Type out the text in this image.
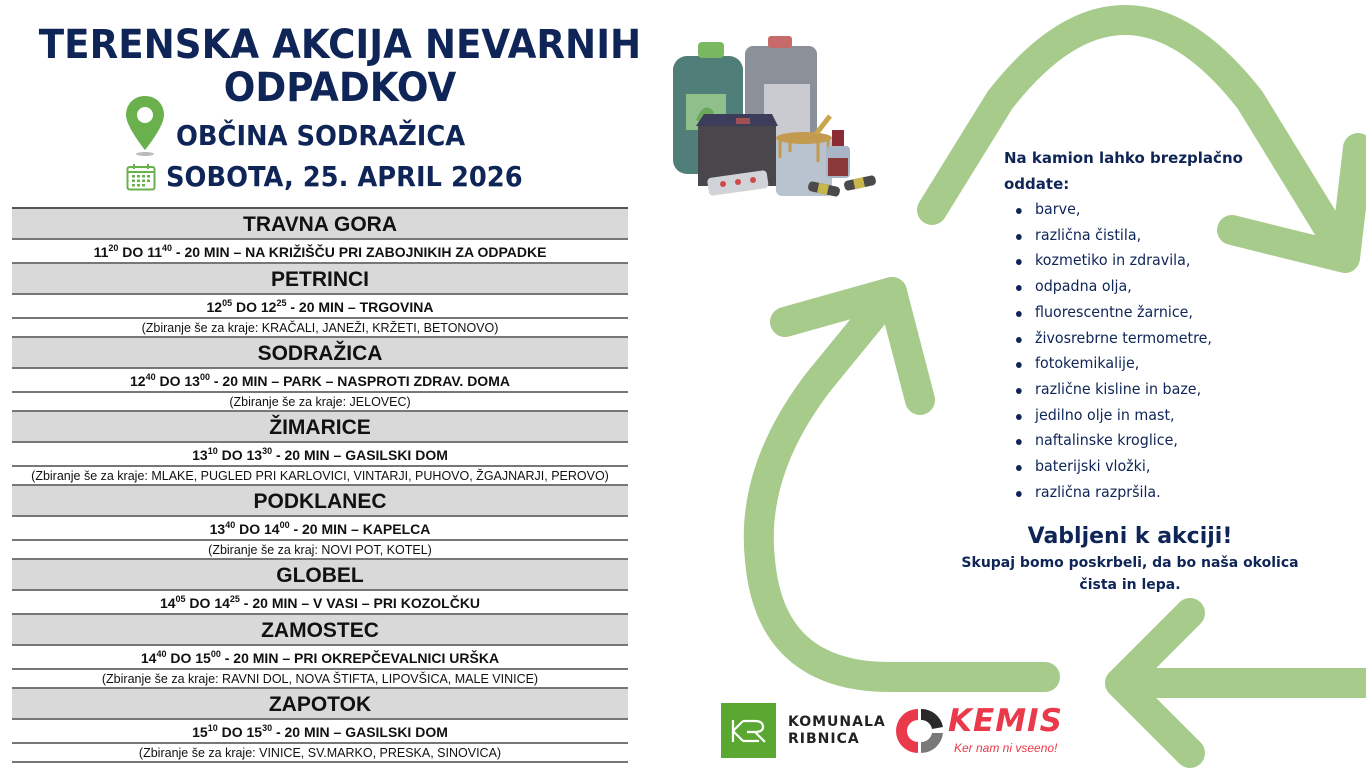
TERENSKA AKCIJA NEVARNIH
ODPADKOV
OBČINA SODRAŽICA
SOBOTA, 25. APRIL 2026
TRAVNA GORA
$11^{20}$ DO $11^{40} - 20$ MIN – NA KRIŽIŠČU PRI ZABOJNIKIH ZA ODPADKE
PETRINCI
$12^{05}$ DO $12^{25} - 20$ MIN – TRGOVINA
(Zbiranje še za kraje: KRAČALI, JANEŽI, KRŽETI, BETONOVO)
SODRAŽICA
$12^{40}$ DO $13^{00} - 20$ MIN – PARK – NASPROTI ZDRAV. DOMA
(Zbiranje še za kraje: JELOVEC)
ŽIMARICE
$13^{10}$ DO $13^{30} - 20$ MIN – GASILSKI DOM
(Zbiranje še za kraje: MLAKE, PUGLED PRI KARLOVICI, VINTARJI, PUHOVO, ŽGAJNARJI, PEROVO)
PODKLANEC
$13^{40}$ DO $14^{00} - 20$ MIN – KAPELCA
(Zbiranje še za kraj: NOVI POT, KOTEL)
GLOBEL
$14^{05}$ DO $14^{25} - 20$ MIN – V VASI – PRI KOZOLČKU
ZAMOSTEC
$14^{40}$ DO $15^{00} - 20$ MIN – PRI OKREPČEVALNICI URŠKA
(Zbiranje še za kraje: RAVNI DOL, NOVA ŠTIFTA, LIPOVŠICA, MALE VINICE)
ZAPOTOK
$15^{10}$ DO $15^{30} - 20$ MIN – GASILSKI DOM
(Zbiranje še za kraje: VINICE, SV.MARKO, PRESKA, SINOVICA)
Na kamion lahko brezplačno oddate:
barve,
različna čistila,
kozmetiko in zdravila,
odpadna olja,
fluorescentne žarnice,
živosrebrne termometre,
fotokemikalije,
različne kisline in baze,
jedilno olje in mast,
naftalinske kroglice,
baterijski vložki,
različna razpršila.
Vabljeni k akciji!
Skupaj bomo poskrbeli, da bo naša okolica
čista in lepa.
KOMUNALA
RIBNICA	KEMIS
Ker nam ni vseeno!
